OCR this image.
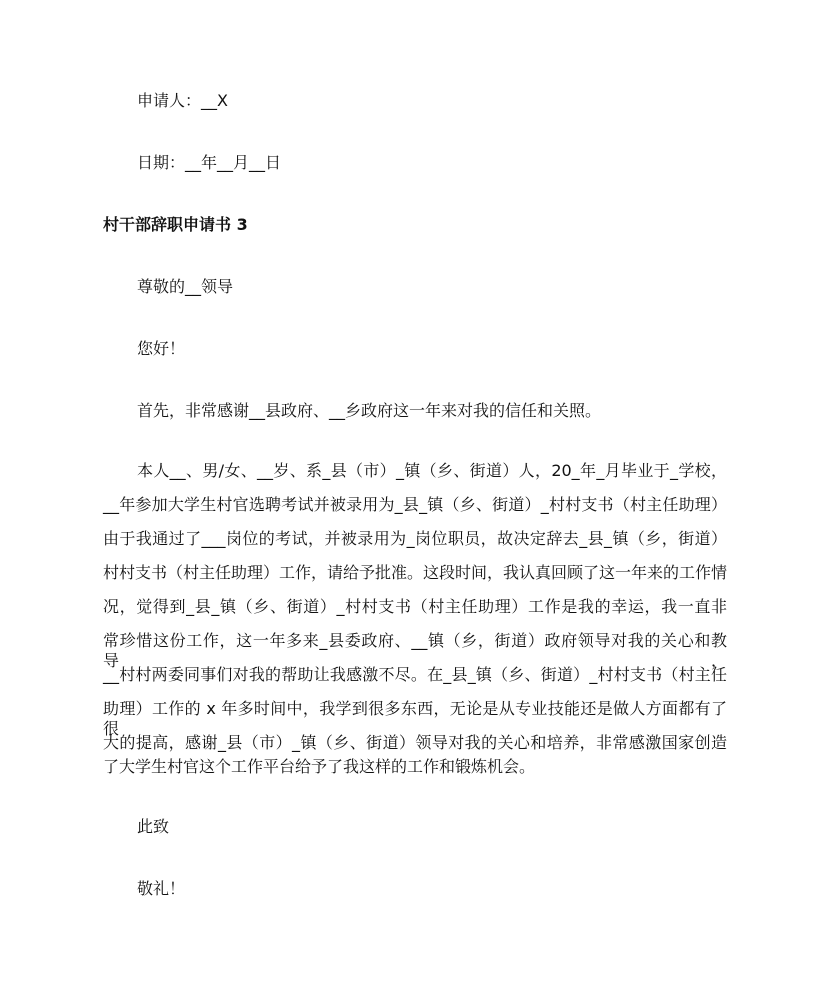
申请人：__X
日期：__年__月__日
村干部辞职申请书 3
尊敬的__领导
您好！
首先，非常感谢__县政府、__乡政府这一年来对我的信任和关照。
本人__、男/女、__岁、系_县（市）_镇（乡、街道）人，20_年_月毕业于_学校，
__年参加大学生村官选聘考试并被录用为_县_镇（乡、街道）_村村支书（村主任助理）
由于我通过了___岗位的考试，并被录用为_岗位职员，故决定辞去_县_镇（乡，街道）
村村支书（村主任助理）工作，请给予批准。这段时间，我认真回顾了这一年来的工作情
况，觉得到_县_镇（乡、街道）_村村支书（村主任助理）工作是我的幸运，我一直非
常珍惜这份工作，这一年多来_县委政府、__镇（乡，街道）政府领导对我的关心和教导，
__村村两委同事们对我的帮助让我感激不尽。在_县_镇（乡、街道）_村村支书（村主任
助理）工作的 x 年多时间中，我学到很多东西，无论是从专业技能还是做人方面都有了很
大的提高，感谢_县（市）_镇（乡、街道）领导对我的关心和培养，非常感激国家创造
了大学生村官这个工作平台给予了我这样的工作和锻炼机会。
此致
敬礼！
